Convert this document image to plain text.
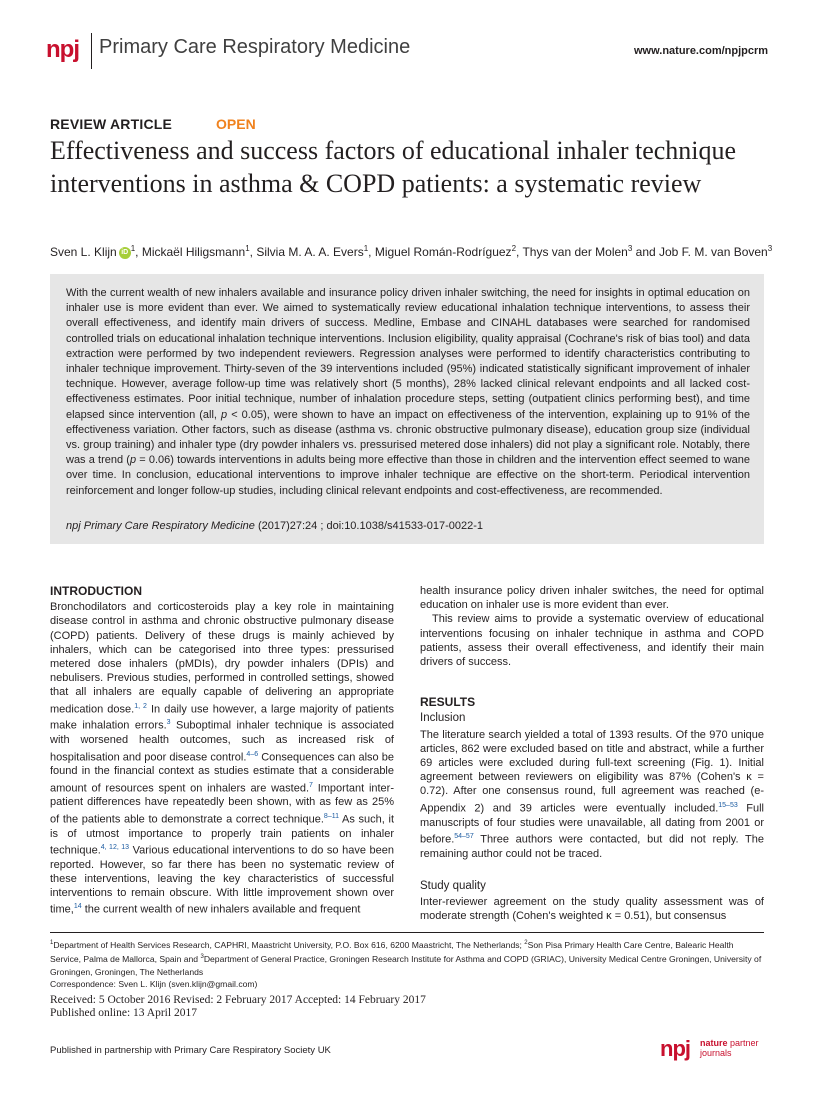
npj Primary Care Respiratory Medicine	www.nature.com/npjpcrm
REVIEW ARTICLE	OPEN
Effectiveness and success factors of educational inhaler technique interventions in asthma & COPD patients: a systematic review
Sven L. Klijn iD $^1$, Mickaël Hiligsmann$^1$, Silvia M. A. A. Evers$^1$, Miguel Román-Rodríguez$^2$, Thys van der Molen$^3$ and Job F. M. van Boven$^3$
With the current wealth of new inhalers available and insurance policy driven inhaler switching, the need for insights in optimal education on inhaler use is more evident than ever. We aimed to systematically review educational inhalation technique interventions, to assess their overall effectiveness, and identify main drivers of success. Medline, Embase and CINAHL databases were searched for randomised controlled trials on educational inhalation technique interventions. Inclusion eligibility, quality appraisal (Cochrane's risk of bias tool) and data extraction were performed by two independent reviewers. Regression analyses were performed to identify characteristics contributing to inhaler technique improvement. Thirty-seven of the 39 interventions included (95%) indicated statistically significant improvement of inhaler technique. However, average follow-up time was relatively short (5 months), 28% lacked clinical relevant endpoints and all lacked cost-effectiveness estimates. Poor initial technique, number of inhalation procedure steps, setting (outpatient clinics performing best), and time elapsed since intervention (all, p < 0.05), were shown to have an impact on effectiveness of the intervention, explaining up to 91% of the effectiveness variation. Other factors, such as disease (asthma vs. chronic obstructive pulmonary disease), education group size (individual vs. group training) and inhaler type (dry powder inhalers vs. pressurised metered dose inhalers) did not play a significant role. Notably, there was a trend (p = 0.06) towards interventions in adults being more effective than those in children and the intervention effect seemed to wane over time. In conclusion, educational interventions to improve inhaler technique are effective on the short-term. Periodical intervention reinforcement and longer follow-up studies, including clinical relevant endpoints and cost-effectiveness, are recommended.
npj Primary Care Respiratory Medicine (2017)27:24 ; doi:10.1038/s41533-017-0022-1
INTRODUCTION

Bronchodilators and corticosteroids play a key role in maintaining disease control in asthma and chronic obstructive pulmonary disease (COPD) patients. Delivery of these drugs is mainly achieved by inhalers, which can be categorised into three types: pressurised metered dose inhalers (pMDIs), dry powder inhalers (DPIs) and nebulisers. Previous studies, performed in controlled settings, showed that all inhalers are equally capable of delivering an appropriate medication dose.$^{1, 2}$ In daily use however, a large majority of patients make inhalation errors.$^3$ Suboptimal inhaler technique is associated with worsened health outcomes, such as increased risk of hospitalisation and poor disease control.$^{4-6}$ Consequences can also be found in the financial context as studies estimate that a considerable amount of resources spent on inhalers are wasted.$^7$ Important inter-patient differences have repeatedly been shown, with as few as 25% of the patients able to demonstrate a correct technique.$^{8-11}$ As such, it is of utmost importance to properly train patients on inhaler technique.$^{4, 12, 13}$ Various educational interventions to do so have been reported. However, so far there has been no systematic review of these interventions, leaving the key characteristics of successful interventions to remain obscure. With little improvement shown over time,$^{14}$ the current wealth of new inhalers available and frequent

health insurance policy driven inhaler switches, the need for optimal education on inhaler use is more evident than ever.

This review aims to provide a systematic overview of educational interventions focusing on inhaler technique in asthma and COPD patients, assess their overall effectiveness, and identify their main drivers of success.

RESULTS
Inclusion

The literature search yielded a total of 1393 results. Of the 970 unique articles, 862 were excluded based on title and abstract, while a further 69 articles were excluded during full-text screening (Fig. 1). Initial agreement between reviewers on eligibility was 87% (Cohen's κ = 0.72). After one consensus round, full agreement was reached (e-Appendix 2) and 39 articles were eventually included.$^{15-53}$ Full manuscripts of four studies were unavailable, all dating from 2001 or before.$^{54-57}$ Three authors were contacted, but did not reply. The remaining author could not be traced.

Study quality

Inter-reviewer agreement on the study quality assessment was of moderate strength (Cohen's weighted κ = 0.51), but consensus

$^1$Department of Health Services Research, CAPHRI, Maastricht University, P.O. Box 616, 6200 Maastricht, The Netherlands; $^2$Son Pisa Primary Health Care Centre, Balearic Health Service, Palma de Mallorca, Spain and $^3$Department of General Practice, Groningen Research Institute for Asthma and COPD (GRIAC), University Medical Centre Groningen, University of Groningen, Groningen, The Netherlands
Correspondence: Sven L. Klijn (sven.klijn@gmail.com)
Received: 5 October 2016 Revised: 2 February 2017 Accepted: 14 February 2017
Published online: 13 April 2017
Published in partnership with Primary Care Respiratory Society UK	npj nature partner
journals
